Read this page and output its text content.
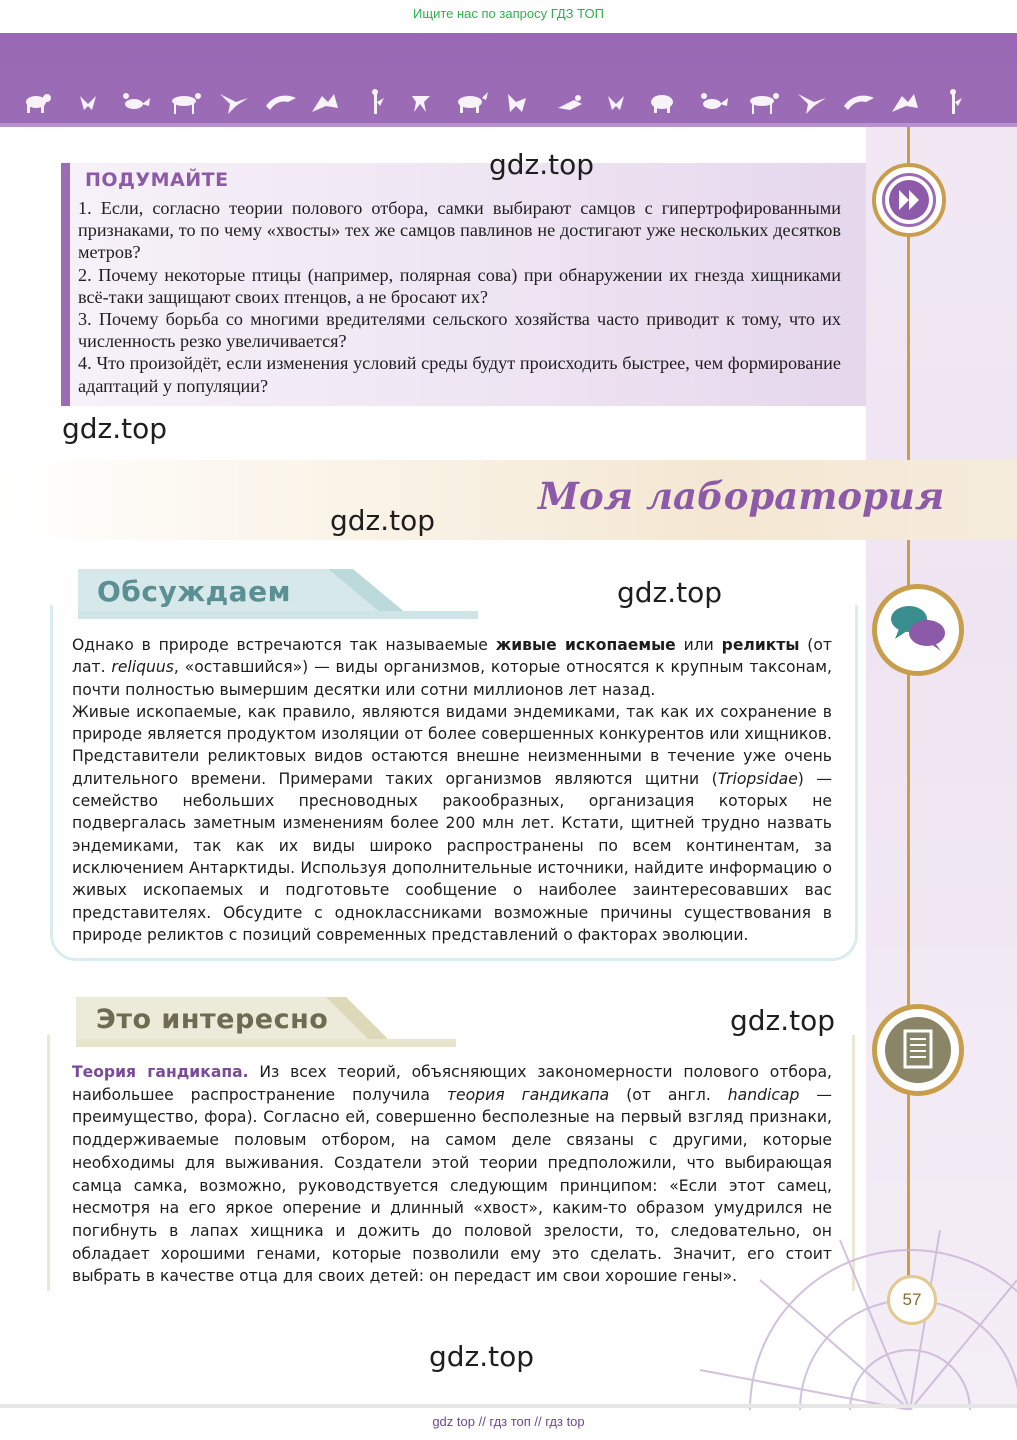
Ищите нас по запросу ГДЗ ТОП
ПОДУМАЙТЕ

1. Если, согласно теории полового отбора, самки выбирают самцов с гипертрофированными признаками, то по чему «хвосты» тех же самцов павлинов не достигают уже нескольких десятков метров?

2. Почему некоторые птицы (например, полярная сова) при обнаружении их гнезда хищниками всё-таки защищают своих птенцов, а не бросают их?

3. Почему борьба со многими вредителями сельского хозяйства часто приводит к тому, что их численность резко увеличивается?

4. Что произойдёт, если изменения условий среды будут происходить быстрее, чем формирование адаптаций у популяции?

gdz.top
gdz.top
Моя лаборатория
gdz.top
Обсуждаем	gdz.top

Однако в природе встречаются так называемые живые ископаемые или реликты (от лат. reliquus, «оставшийся») — виды организмов, которые относятся к крупным таксонам, почти полностью вымершим десятки или сотни миллионов лет назад.

Живые ископаемые, как правило, являются видами эндемиками, так как их сохранение в природе является продуктом изоляции от более совершенных конкурентов или хищников. Представители реликтовых видов остаются внешне неизменными в течение уже очень длительного времени. Примерами таких организмов являются щитни (Triopsidae) — семейство небольших пресноводных ракообразных, организация которых не подвергалась заметным изменениям более 200 млн лет. Кстати, щитней трудно назвать эндемиками, так как их виды широко распространены по всем континентам, за исключением Антарктиды. Используя дополнительные источники, найдите информацию о живых ископаемых и подготовьте сообщение о наиболее заинтересовавших вас представителях. Обсудите с одноклассниками возможные причины существования в природе реликтов с позиций современных представлений о факторах эволюции.

Это интересно	gdz.top

Теория гандикапа. Из всех теорий, объясняющих закономерности полового отбора, наибольшее распространение получила теория гандикапа (от англ. handicap — преимущество, фора). Согласно ей, совершенно бесполезные на первый взгляд признаки, поддерживаемые половым отбором, на самом деле связаны с другими, которые необходимы для выживания. Создатели этой теории предположили, что выбирающая самца самка, возможно, руководствуется следующим принципом: «Если этот самец, несмотря на его яркое оперение и длинный «хвост», каким-то образом умудрился не погибнуть в лапах хищника и дожить до половой зрелости, то, следовательно, он обладает хорошими генами, которые позволили ему это сделать. Значит, его стоит выбрать в качестве отца для своих детей: он передаст им свои хорошие гены».

57
gdz.top
gdz top // гдз топ // гдз top
